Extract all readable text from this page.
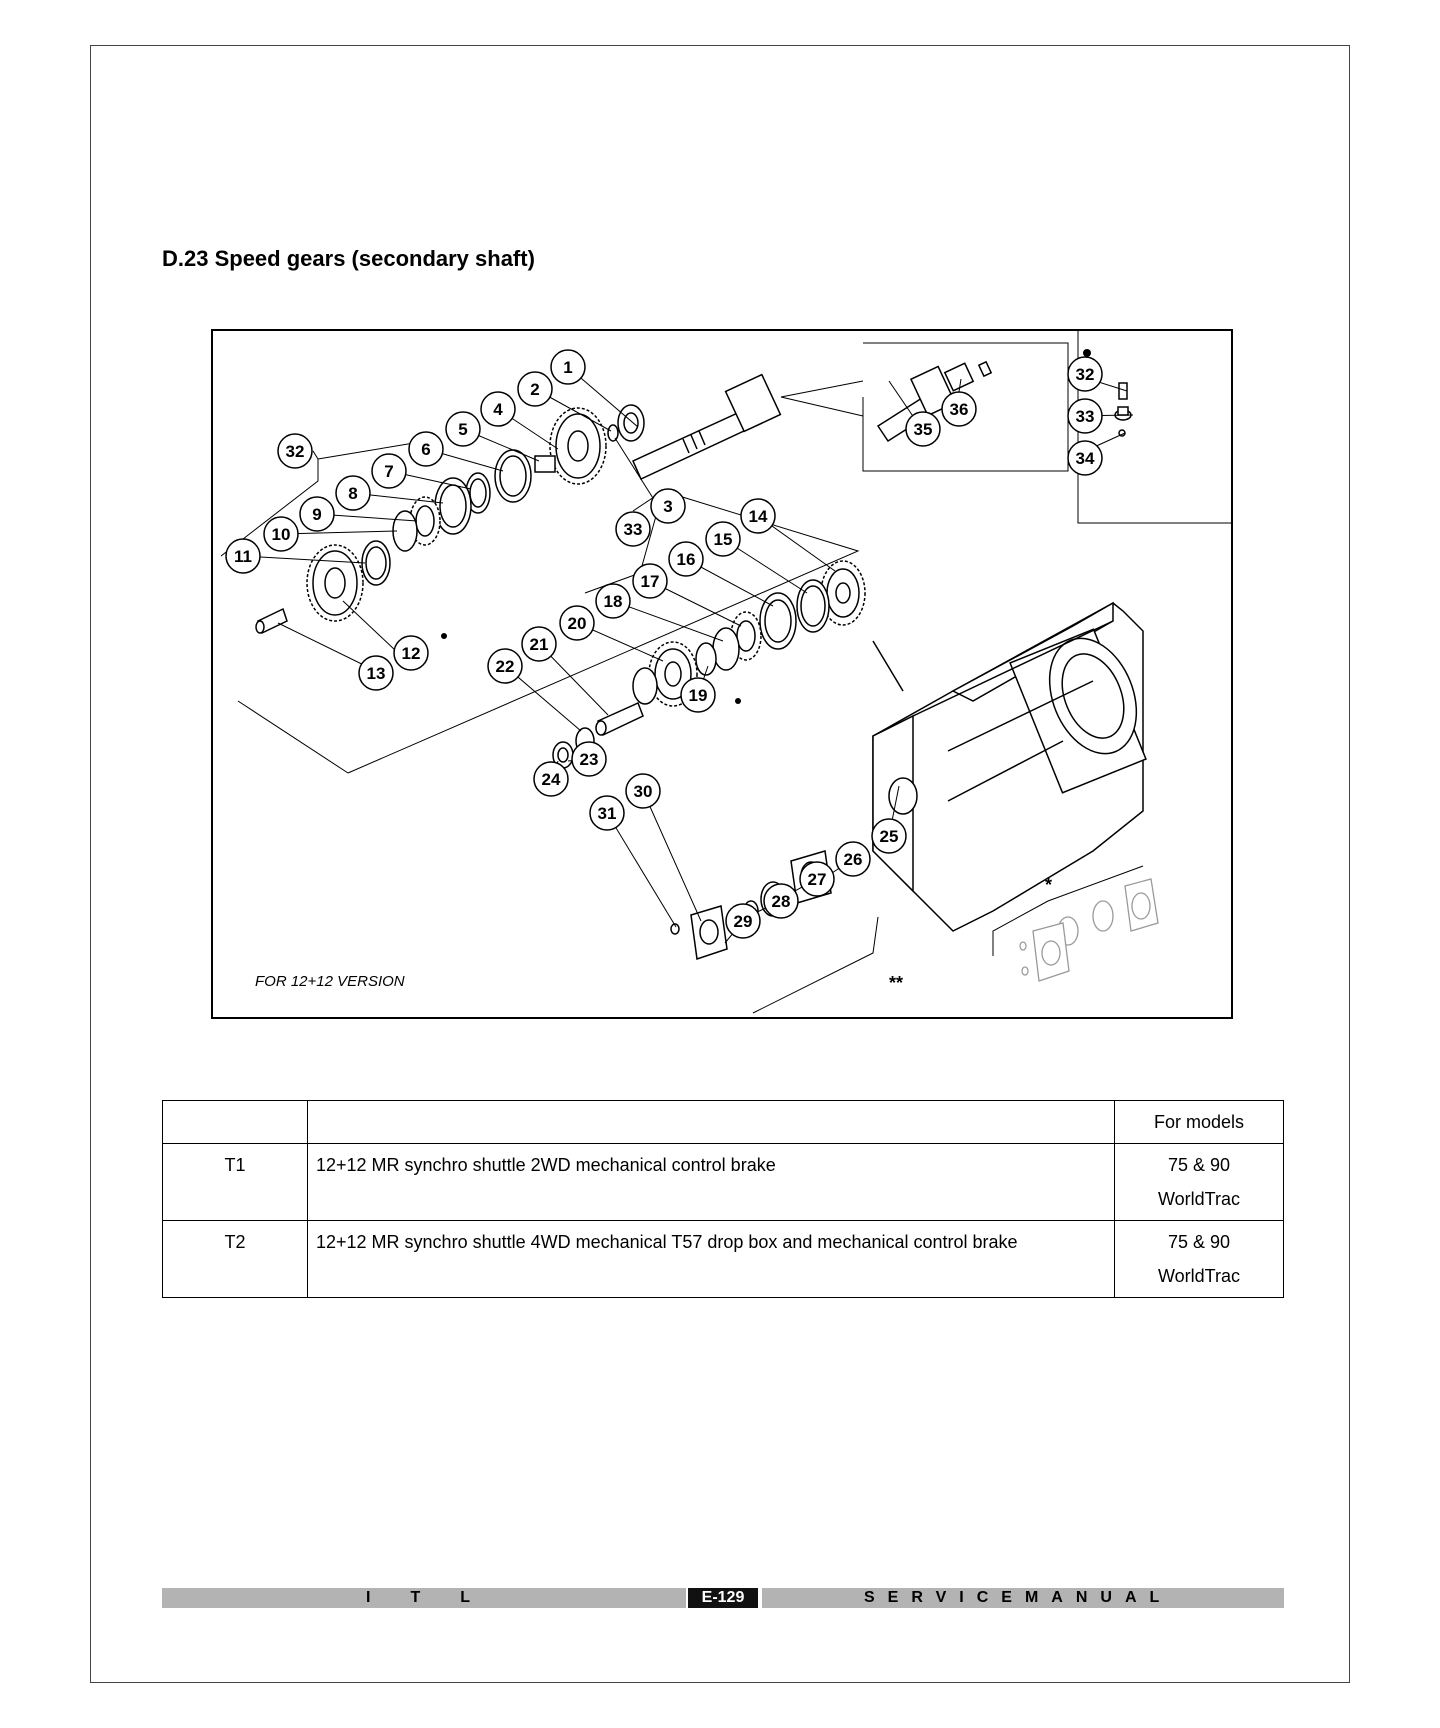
D.23 Speed gears (secondary shaft)
*
**
1
2
3
4
5
6
7
8
9
10
11
12
13
14
15
16
17
18
19
20
21
22
23
24
25
26
27
28
29
30
31
32
33
34
35
36
32
33
FOR 12+12 VERSION
		For models
T1	12+12 MR synchro shuttle 2WD mechanical control brake	75 & 90
WorldTrac

T2	12+12 MR synchro shuttle 4WD mechanical T57 drop box and mechanical control brake	75 & 90
WorldTrac
ITL	E-129	SERVICEMANUAL
